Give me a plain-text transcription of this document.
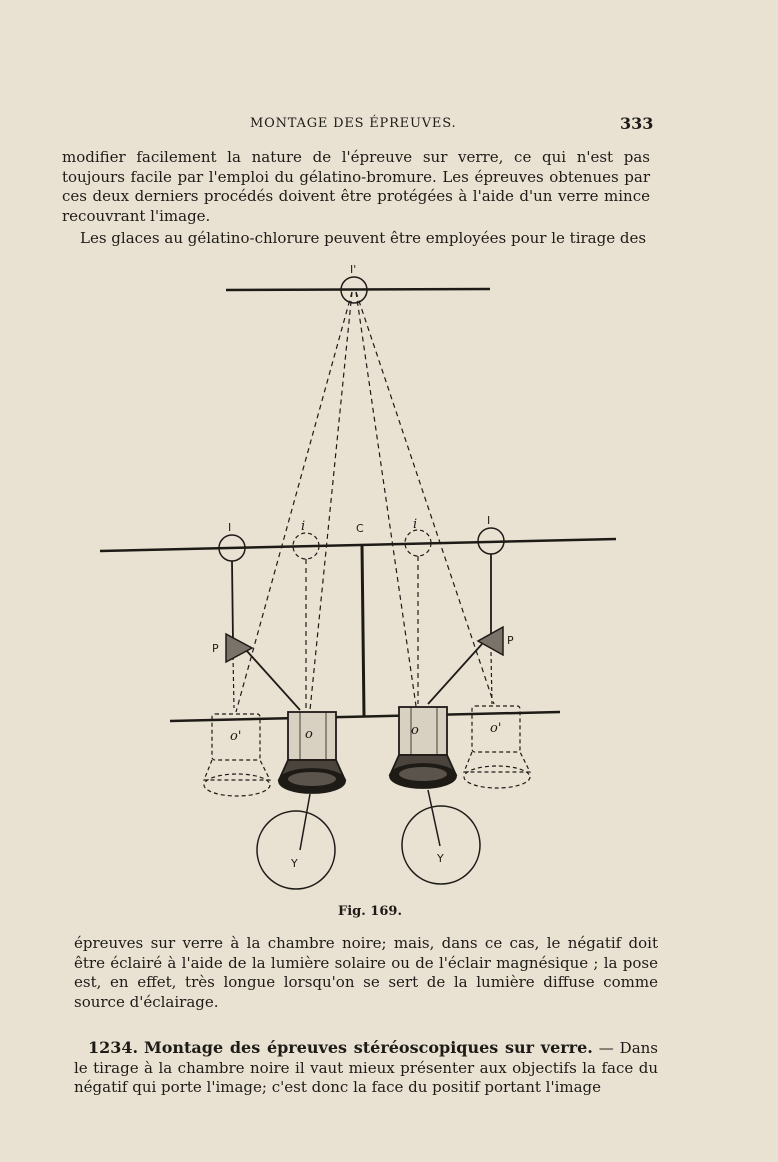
MONTAGE DES ÉPREUVES.	333

modifier facilement la nature de l'épreuve sur verre, ce qui n'est pas toujours facile par l'emploi du gélatino-bromure. Les épreuves obtenues par ces deux derniers procédés doivent être protégées à l'aide d'un verre mince recouvrant l'image.

Les glaces au gélatino-chlorure peuvent être employées pour le tirage des

I'
I	i	C	i	I
P
P
o'	o	o	o'
Y	Y
Fig. 169.

épreuves sur verre à la chambre noire; mais, dans ce cas, le négatif doit être éclairé à l'aide de la lumière solaire ou de l'éclair magnésique ; la pose est, en effet, très longue lorsqu'on se sert de la lumière diffuse comme source d'éclairage.

1234. Montage des épreuves stéréoscopiques sur verre. — Dans le tirage à la chambre noire il vaut mieux présenter aux objectifs la face du négatif qui porte l'image; c'est donc la face du positif portant l'image
